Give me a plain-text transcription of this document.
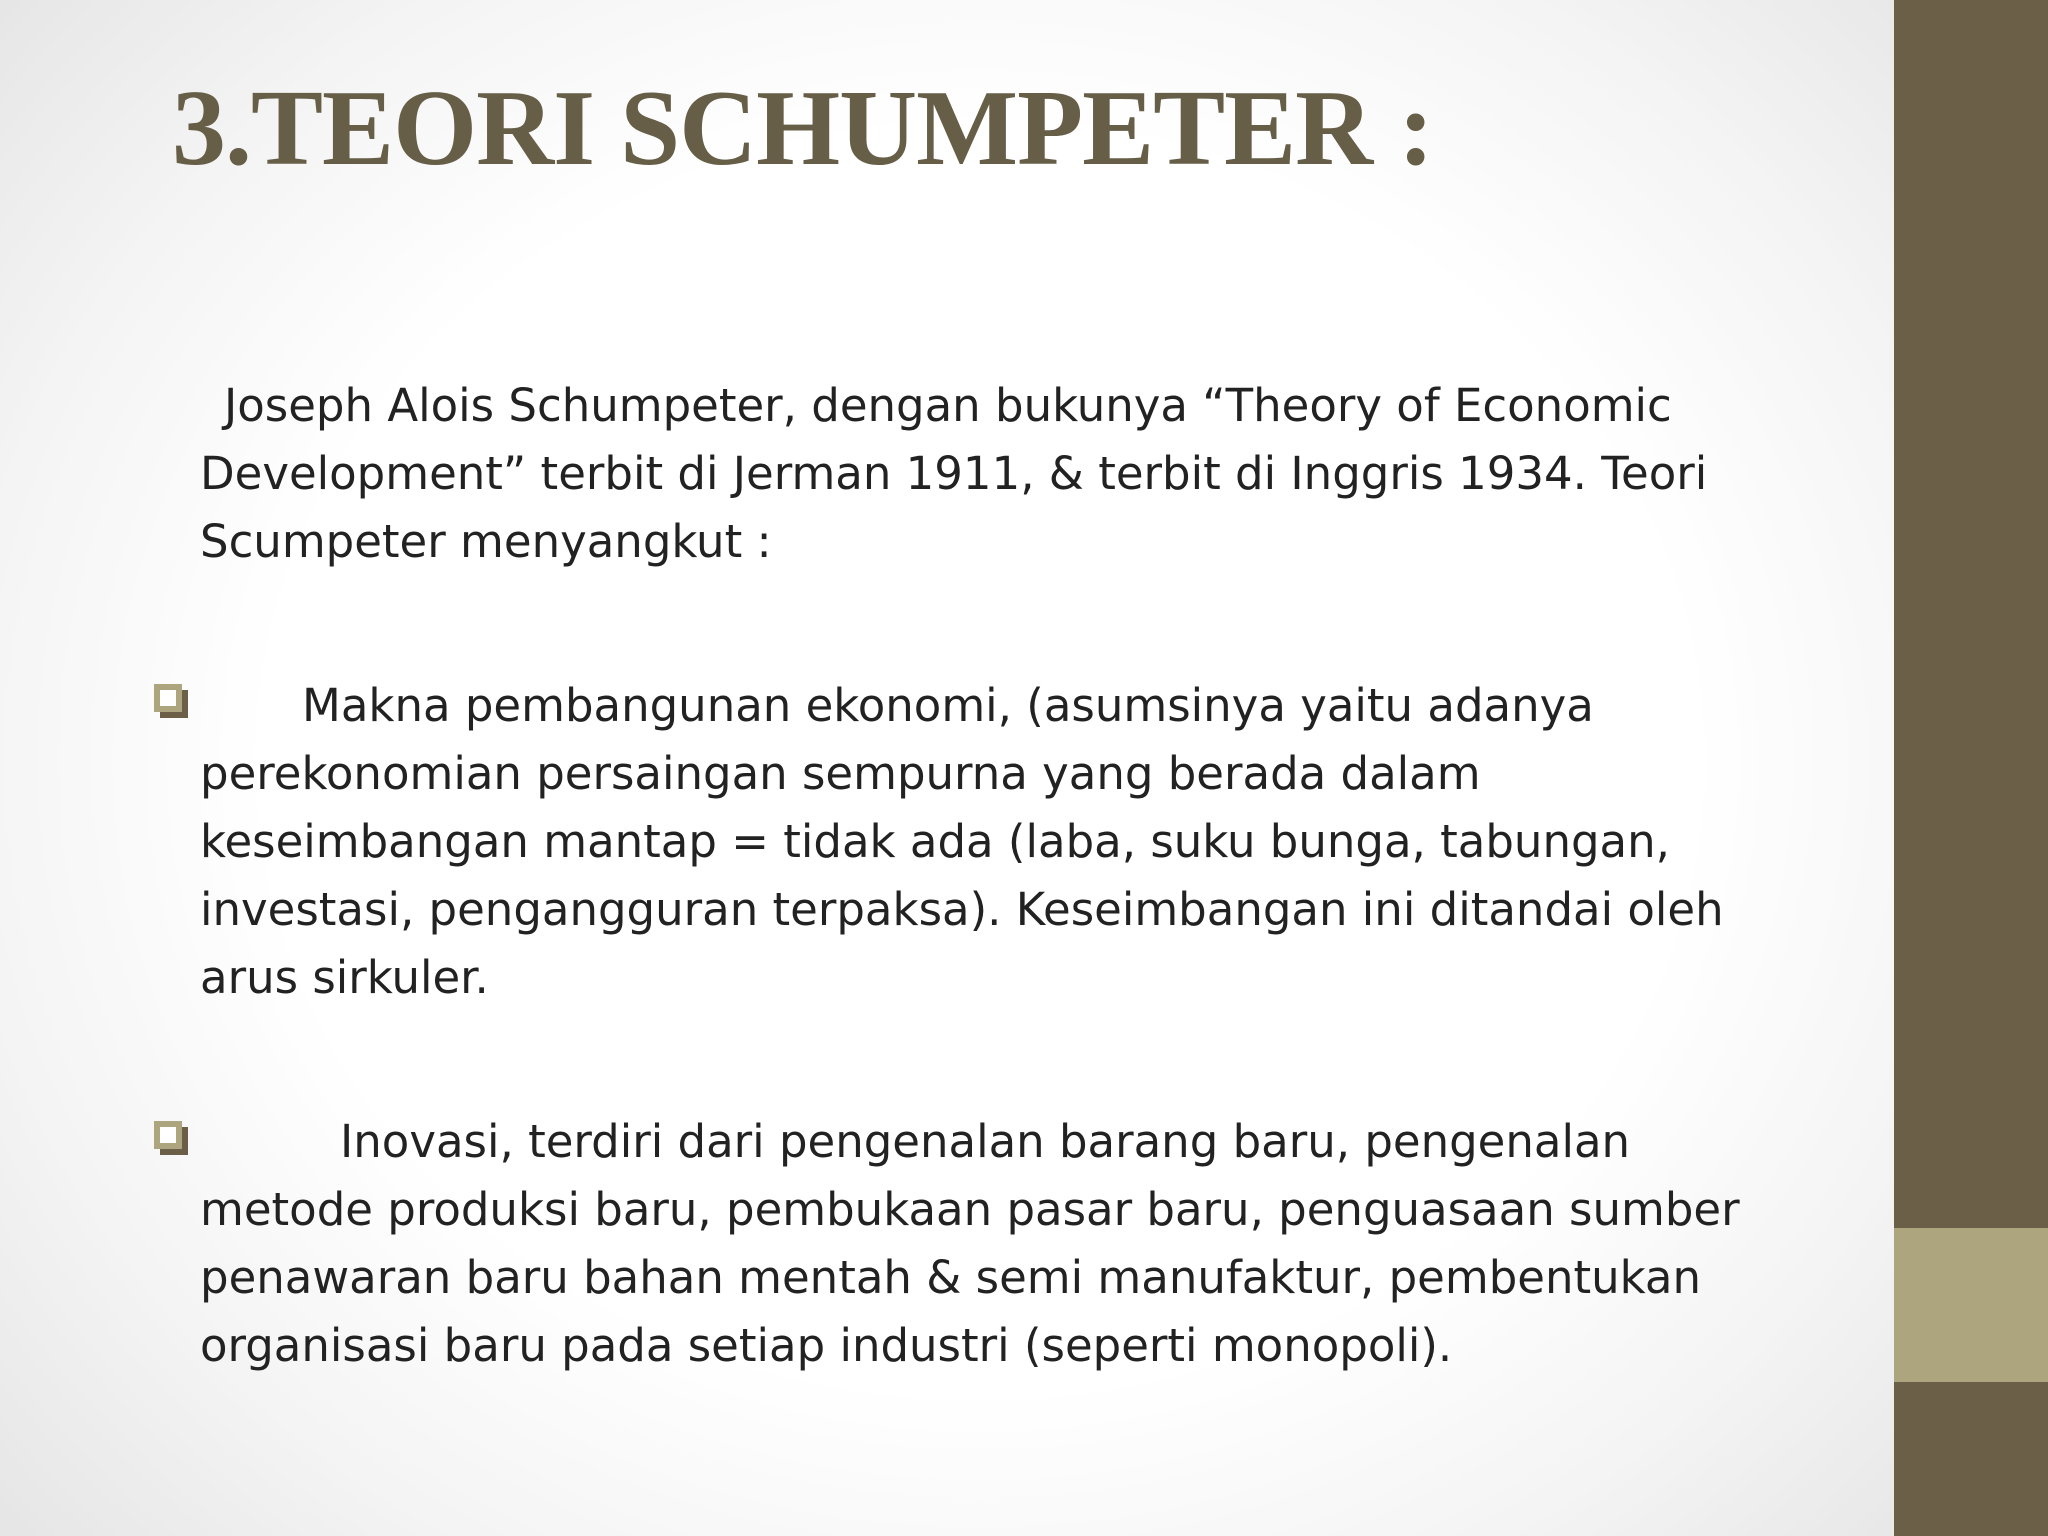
3.TEORI SCHUMPETER :

Joseph Alois Schumpeter, dengan bukunya “Theory of Economic Development” terbit di Jerman 1911, & terbit di Inggris 1934. Teori Scumpeter menyangkut :

Makna pembangunan ekonomi, (asumsinya yaitu adanya perekonomian persaingan sempurna yang berada dalam keseimbangan mantap = tidak ada (laba, suku bunga, tabungan, investasi, pengangguran terpaksa). Keseimbangan ini ditandai oleh arus sirkuler.

Inovasi, terdiri dari pengenalan barang baru, pengenalan metode produksi baru, pembukaan pasar baru, penguasaan sumber penawaran baru bahan mentah & semi manufaktur, pembentukan organisasi baru pada setiap industri (seperti monopoli).
